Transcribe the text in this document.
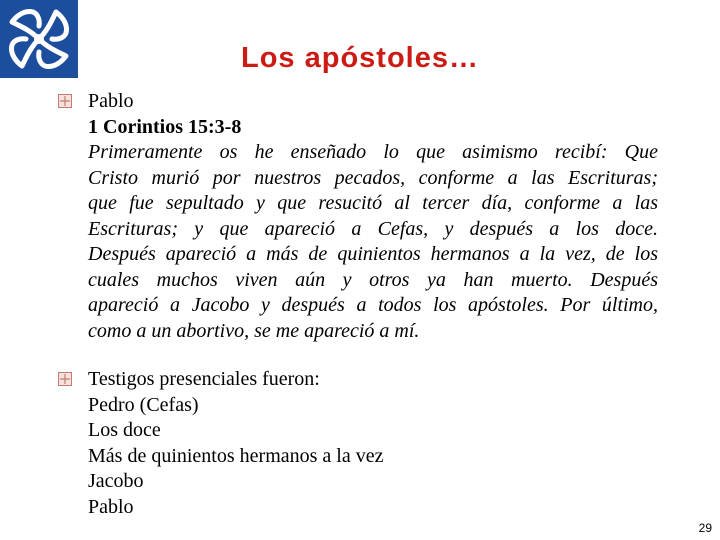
Los apóstoles…
Pablo
1 Corintios 15:3-8
Primeramente os he enseñado lo que asimismo recibí: Que
Cristo murió por nuestros pecados, conforme a las Escrituras;
que fue sepultado y que resucitó al tercer día, conforme a las
Escrituras; y que apareció a Cefas, y después a los doce.
Después apareció a más de quinientos hermanos a la vez, de los
cuales muchos viven aún y otros ya han muerto. Después
apareció a Jacobo y después a todos los apóstoles. Por último,
como a un abortivo, se me apareció a mí.
Testigos presenciales fueron:
Pedro (Cefas)
Los doce
Más de quinientos hermanos a la vez
Jacobo
Pablo
29
